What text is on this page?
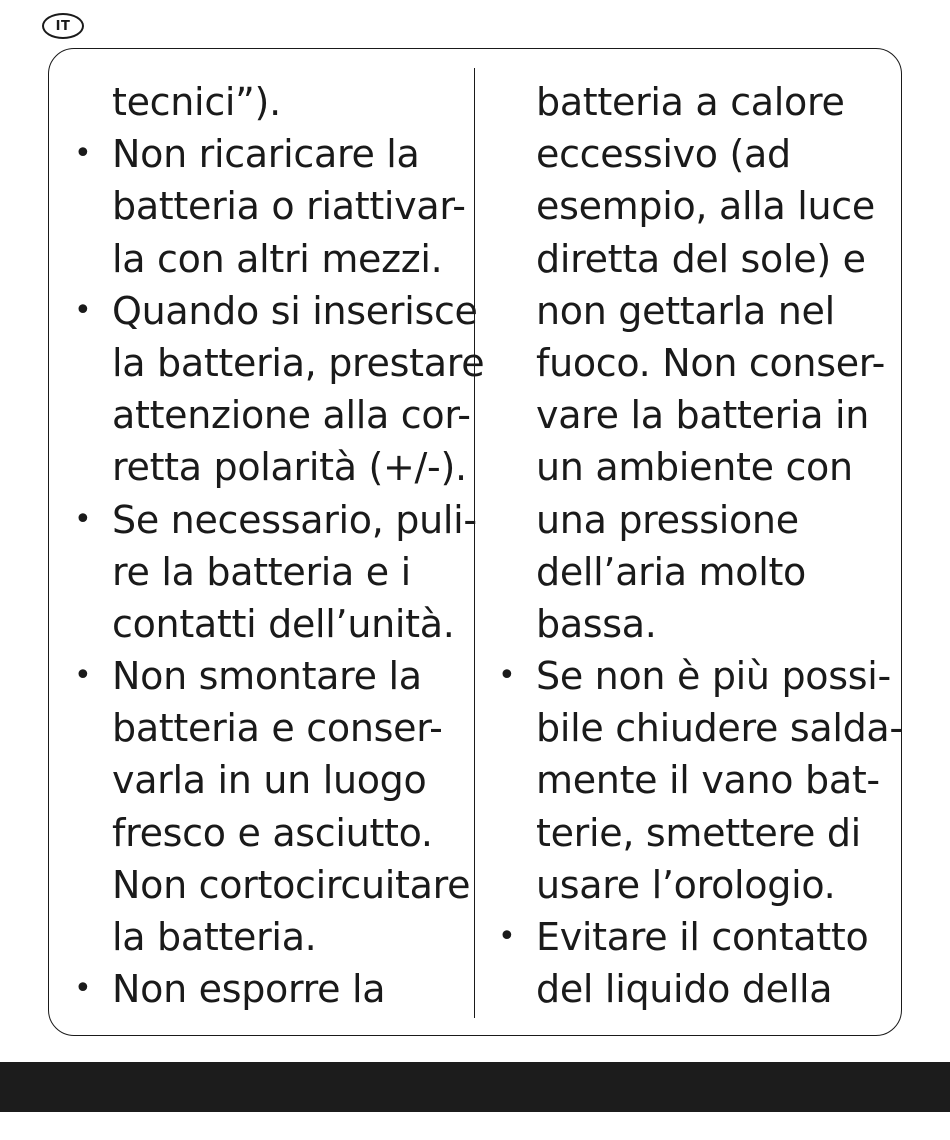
IT
tecnici”).
• Non ricaricare la
batteria o riattivar-
la con altri mezzi.
• Quando si inserisce
la batteria, prestare
attenzione alla cor-
retta polarità (+/-).
• Se necessario, puli-
re la batteria e i
contatti dell’unità.
• Non smontare la
batteria e conser-
varla in un luogo
fresco e asciutto.
Non cortocircuitare
la batteria.
• Non esporre la
batteria a calore
eccessivo (ad
esempio, alla luce
diretta del sole) e
non gettarla nel
fuoco. Non conser-
vare la batteria in
un ambiente con
una pressione
dell’aria molto
bassa.
• Se non è più possi-
bile chiudere salda-
mente il vano bat-
terie, smettere di
usare l’orologio.
• Evitare il contatto
del liquido della
